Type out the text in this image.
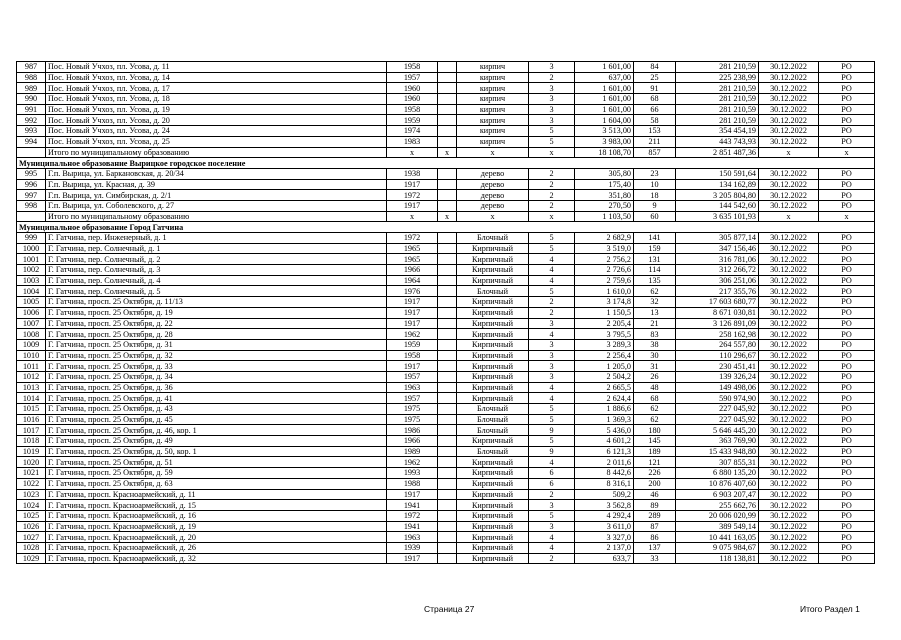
987	Пос. Новый Учхоз, пл. Усова, д. 11	1958		кирпич	3	1 601,00	84	281 210,59	30.12.2022	РО
988	Пос. Новый Учхоз, пл. Усова, д. 14	1957		кирпич	2	637,00	25	225 238,99	30.12.2022	РО
989	Пос. Новый Учхоз, пл. Усова, д. 17	1960		кирпич	3	1 601,00	91	281 210,59	30.12.2022	РО
990	Пос. Новый Учхоз, пл. Усова, д. 18	1960		кирпич	3	1 601,00	68	281 210,59	30.12.2022	РО
991	Пос. Новый Учхоз, пл. Усова, д. 19	1958		кирпич	3	1 601,00	66	281 210,59	30.12.2022	РО
992	Пос. Новый Учхоз, пл. Усова, д. 20	1959		кирпич	3	1 604,00	58	281 210,59	30.12.2022	РО
993	Пос. Новый Учхоз, пл. Усова, д. 24	1974		кирпич	5	3 513,00	153	354 454,19	30.12.2022	РО
994	Пос. Новый Учхоз, пл. Усова, д. 25	1983		кирпич	5	3 983,00	211	443 743,93	30.12.2022	РО
	Итого по муниципальному образованию	x	x	x	x	18 108,70	857	2 851 487,36	x	x
Муниципальное образование Вырицкое городское поселение										
995	Г.п. Вырица, ул. Баркановская, д. 20/34	1938		дерево	2	305,80	23	150 591,64	30.12.2022	РО
996	Г.п. Вырица, ул. Красная, д. 39	1917		дерево	2	175,40	10	134 162,89	30.12.2022	РО
997	Г.п. Вырица, ул. Симбирская, д. 2/1	1972		дерево	2	351,80	18	3 205 804,80	30.12.2022	РО
998	Г.п. Вырица, ул. Соболевского, д. 27	1917		дерево	2	270,50	9	144 542,60	30.12.2022	РО
	Итого по муниципальному образованию	x	x	x	x	1 103,50	60	3 635 101,93	x	x
Муниципальное образование Город Гатчина										
999	Г. Гатчина, пер. Инженерный, д. 1	1972		Блочный	5	2 682,9	141	305 877,14	30.12.2022	РО
1000	Г. Гатчина, пер. Солнечный, д. 1	1965		Кирпичный	5	3 519,0	159	347 156,46	30.12.2022	РО
1001	Г. Гатчина, пер. Солнечный, д. 2	1965		Кирпичный	4	2 756,2	131	316 781,06	30.12.2022	РО
1002	Г. Гатчина, пер. Солнечный, д. 3	1966		Кирпичный	4	2 726,6	114	312 266,72	30.12.2022	РО
1003	Г. Гатчина, пер. Солнечный, д. 4	1964		Кирпичный	4	2 759,6	135	306 251,06	30.12.2022	РО
1004	Г. Гатчина, пер. Солнечный, д. 5	1976		Блочный	5	1 610,0	62	217 355,76	30.12.2022	РО
1005	Г. Гатчина, просп. 25 Октября, д. 11/13	1917		Кирпичный	2	3 174,8	32	17 603 680,77	30.12.2022	РО
1006	Г. Гатчина, просп. 25 Октября, д. 19	1917		Кирпичный	2	1 150,5	13	8 671 030,81	30.12.2022	РО
1007	Г. Гатчина, просп. 25 Октября, д. 22	1917		Кирпичный	3	2 205,4	21	3 126 891,09	30.12.2022	РО
1008	Г. Гатчина, просп. 25 Октября, д. 28	1962		Кирпичный	4	3 795,5	83	258 162,98	30.12.2022	РО
1009	Г. Гатчина, просп. 25 Октября, д. 31	1959		Кирпичный	3	3 289,3	38	264 557,80	30.12.2022	РО
1010	Г. Гатчина, просп. 25 Октября, д. 32	1958		Кирпичный	3	2 256,4	30	110 296,67	30.12.2022	РО
1011	Г. Гатчина, просп. 25 Октября, д. 33	1917		Кирпичный	3	1 205,0	31	230 451,41	30.12.2022	РО
1012	Г. Гатчина, просп. 25 Октября, д. 34	1957		Кирпичный	3	2 504,2	26	139 326,24	30.12.2022	РО
1013	Г. Гатчина, просп. 25 Октября, д. 36	1963		Кирпичный	4	2 665,5	48	149 498,06	30.12.2022	РО
1014	Г. Гатчина, просп. 25 Октября, д. 41	1957		Кирпичный	4	2 624,4	68	590 974,90	30.12.2022	РО
1015	Г. Гатчина, просп. 25 Октября, д. 43	1975		Блочный	5	1 886,6	62	227 045,92	30.12.2022	РО
1016	Г. Гатчина, просп. 25 Октября, д. 45	1975		Блочный	5	1 369,3	62	227 045,92	30.12.2022	РО
1017	Г. Гатчина, просп. 25 Октября, д. 46, кор. 1	1986		Блочный	9	5 436,0	180	5 646 445,20	30.12.2022	РО
1018	Г. Гатчина, просп. 25 Октября, д. 49	1966		Кирпичный	5	4 601,2	145	363 769,90	30.12.2022	РО
1019	Г. Гатчина, просп. 25 Октября, д. 50, кор. 1	1989		Блочный	9	6 121,3	189	15 433 948,80	30.12.2022	РО
1020	Г. Гатчина, просп. 25 Октября, д. 51	1962		Кирпичный	4	2 011,6	121	307 855,31	30.12.2022	РО
1021	Г. Гатчина, просп. 25 Октября, д. 59	1993		Кирпичный	6	8 442,6	226	6 880 135,20	30.12.2022	РО
1022	Г. Гатчина, просп. 25 Октября, д. 63	1988		Кирпичный	6	8 316,1	200	10 876 407,60	30.12.2022	РО
1023	Г. Гатчина, просп. Красноармейский, д. 11	1917		Кирпичный	2	509,2	46	6 903 207,47	30.12.2022	РО
1024	Г. Гатчина, просп. Красноармейский, д. 15	1941		Кирпичный	3	3 562,8	89	255 662,76	30.12.2022	РО
1025	Г. Гатчина, просп. Красноармейский, д. 16	1972		Кирпичный	5	4 292,4	289	20 006 020,99	30.12.2022	РО
1026	Г. Гатчина, просп. Красноармейский, д. 19	1941		Кирпичный	3	3 611,0	87	389 549,14	30.12.2022	РО
1027	Г. Гатчина, просп. Красноармейский, д. 20	1963		Кирпичный	4	3 327,0	86	10 441 163,05	30.12.2022	РО
1028	Г. Гатчина, просп. Красноармейский, д. 26	1939		Кирпичный	4	2 137,0	137	9 075 984,67	30.12.2022	РО
1029	Г. Гатчина, просп. Красноармейский, д. 32	1917		Кирпичный	2	633,7	33	118 138,81	30.12.2022	РО
Страница 27	Итого Раздел 1
